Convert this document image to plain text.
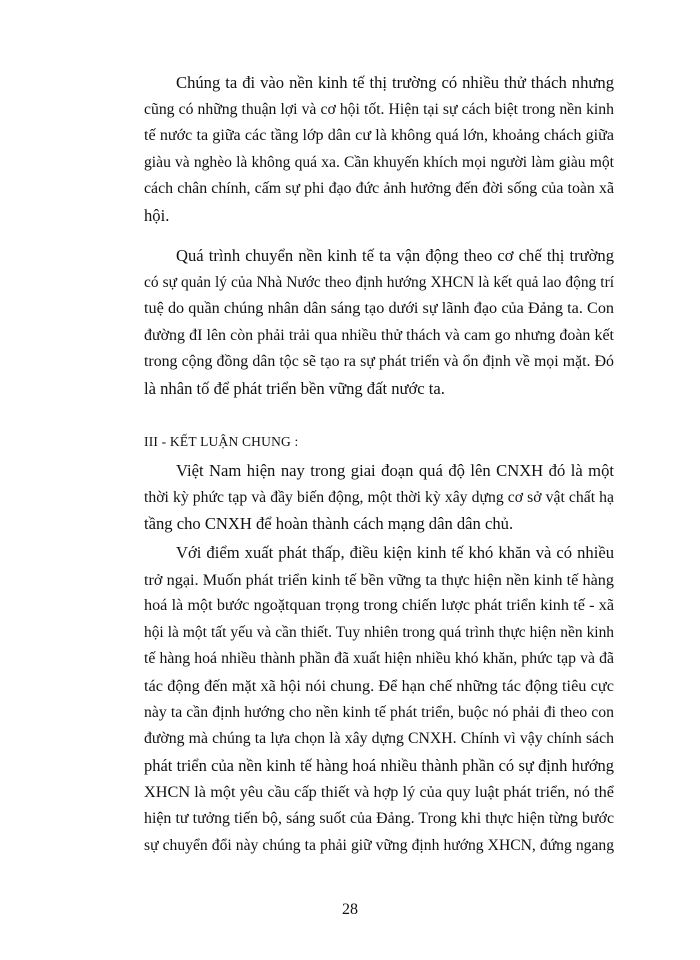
Chúng ta đi vào nền kinh tế thị trường có nhiều thử thách nhưng
cũng có những thuận lợi và cơ hội tốt. Hiện tại sự cách biệt trong nền kinh
tế nước ta giữa các tầng lớp dân cư là không quá lớn, khoảng chách giữa
giàu và nghèo là không quá xa. Cần khuyến khích mọi người làm giàu một
cách chân chính, cấm sự phi đạo đức ảnh hưởng đến đời sống của toàn xã
hội.
Quá trình chuyển nền kinh tế ta vận động theo cơ chế thị trường
có sự quản lý của Nhà Nước theo định hướng XHCN là kết quả lao động trí
tuệ do quần chúng nhân dân sáng tạo dưới sự lãnh đạo của Đảng ta. Con
đường đI lên còn phải trải qua nhiều thử thách và cam go nhưng đoàn kết
trong cộng đồng dân tộc sẽ tạo ra sự phát triển và ổn định về mọi mặt. Đó
là nhân tố để phát triển bền vững đất nước ta.
III - KẾT LUẬN CHUNG :
Việt Nam hiện nay trong giai đoạn quá độ lên CNXH đó là một
thời kỳ phức tạp và đầy biến động, một thời kỳ xây dựng cơ sở vật chất hạ
tầng cho CNXH để hoàn thành cách mạng dân dân chủ.
Với điểm xuất phát thấp, điều kiện kinh tế khó khăn và có nhiều
trở ngại. Muốn phát triển kinh tế bền vững ta thực hiện nền kinh tế hàng
hoá là một bước ngoặtquan trọng trong chiến lược phát triển kinh tế - xã
hội là một tất yếu và cần thiết. Tuy nhiên trong quá trình thực hiện nền kinh
tế hàng hoá nhiều thành phần đã xuất hiện nhiều khó khăn, phức tạp và đã
tác động đến mặt xã hội nói chung. Để hạn chế những tác động tiêu cực
này ta cần định hướng cho nền kinh tế phát triển, buộc nó phải đi theo con
đường mà chúng ta lựa chọn là xây dựng CNXH. Chính vì vậy chính sách
phát triển của nền kinh tế hàng hoá nhiều thành phần có sự định hướng
XHCN là một yêu cầu cấp thiết và hợp lý của quy luật phát triển, nó thể
hiện tư tưởng tiến bộ, sáng suốt của Đảng. Trong khi thực hiện từng bước
sự chuyển đổi này chúng ta phải giữ vững định hướng XHCN, đứng ngang
28
